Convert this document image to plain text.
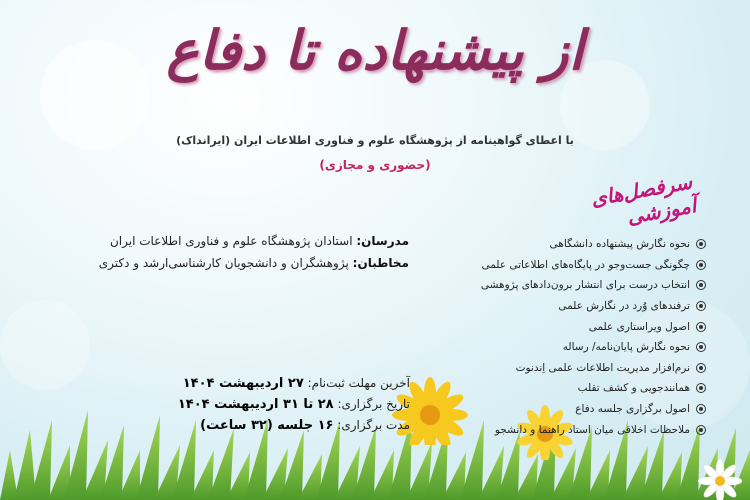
از پیشنهاده تا دفاع
با اعطای گواهینامه از پژوهشگاه علوم و فناوری اطلاعات ایران (ایرانداک)
(حضوری و مجازی)
سرفصل‌های آموزشی
نحوه نگارش پیشنهاده دانشگاهی
چگونگی جست‌وجو در پایگاه‌های اطلاعاتی علمی
انتخاب درست برای انتشار برون‌دادهای پژوهشی
ترفندهای وُرد در نگارش علمی
اصول ویراستاری علمی
نحوه نگارش پایان‌نامه/ رساله
نرم‌افزار مدیریت اطلاعات علمی اِندنوت
همانندجویی و کشف تقلب
اصول برگزاری جلسه دفاع
ملاحظات اخلاقی میان استاد راهنما و دانشجو
مدرسان: استادان پژوهشگاه علوم و فناوری اطلاعات ایران
مخاطبان: پژوهشگران و دانشجویان کارشناسی‌ارشد و دکتری
آخرین مهلت ثبت‌نام: ۲۷ اردیبهشت ۱۴۰۴
تاریخ برگزاری: ۲۸ تا ۳۱ اردیبهشت ۱۴۰۴
مدت برگزاری: ۱۶ جلسه (۳۲ ساعت)
